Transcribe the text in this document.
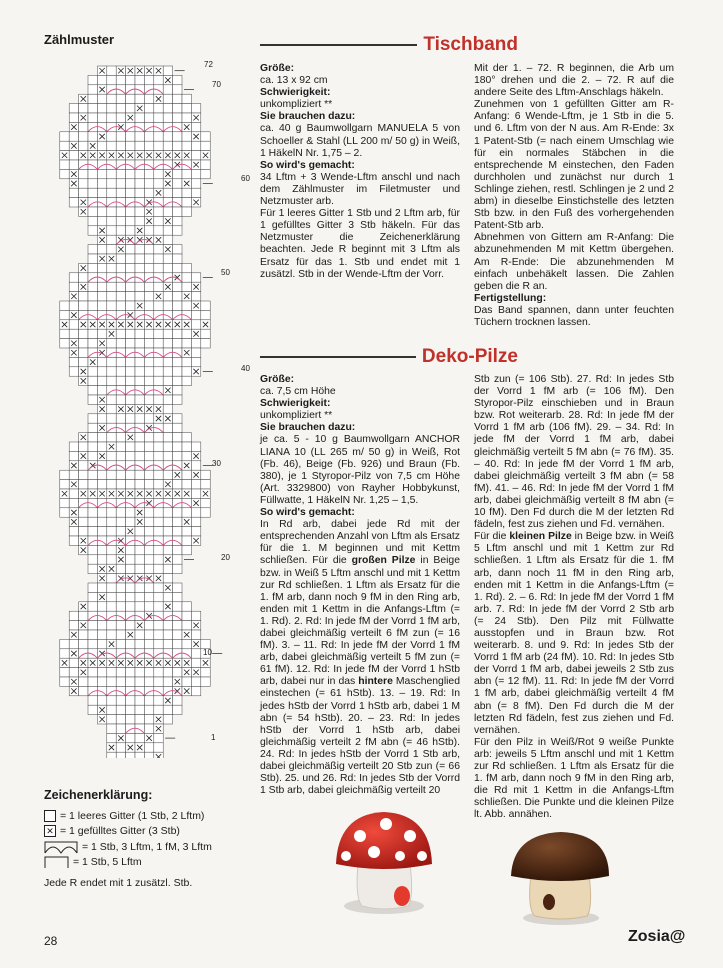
Zählmuster
72
70
60
50
40
30
20
10
1
Zeichenerklärung:
= 1 leeres Gitter (1 Stb, 2 Lftm)
✕ = 1 gefülltes Gitter (3 Stb)
= 1 Stb, 3 Lftm, 1 fM, 3 Lftm
= 1 Stb, 5 Lftm
Jede R endet mit 1 zusätzl. Stb.
28
Tischband

Größe:

ca. 13 x 92 cm

Schwierigkeit:

unkompliziert **

Sie brauchen dazu:

ca. 40 g Baumwollgarn MANUELA 5 von Schoeller & Stahl (LL 200 m/ 50 g) in Weiß, 1 HäkelN Nr. 1,75 – 2.

So wird's gemacht:

34 Lftm + 3 Wende-Lftm anschl und nach dem Zählmuster im Filetmuster und Netzmuster arb.

Für 1 leeres Gitter 1 Stb und 2 Lftm arb, für 1 gefülltes Gitter 3 Stb häkeln. Für das Netzmuster die Zeichenerklärung beachten. Jede R beginnt mit 3 Lftm als Ersatz für das 1. Stb und endet mit 1 zusätzl. Stb in der Wende-Lftm der Vorr.

Mit der 1. – 72. R beginnen, die Arb um 180° drehen und die 2. – 72. R auf die andere Seite des Lftm-Anschlags häkeln.

Zunehmen von 1 gefüllten Gitter am R-Anfang: 6 Wende-Lftm, je 1 Stb in die 5. und 6. Lftm von der N aus. Am R-Ende: 3x 1 Patent-Stb (= nach einem Umschlag wie für ein normales Stäbchen in die entsprechende M einstechen, den Faden durchholen und zunächst nur durch 1 Schlinge ziehen, restl. Schlingen je 2 und 2 abm) in dieselbe Einstichstelle des letzten Stb bzw. in den Fuß des vorhergehenden Patent-Stb arb.

Abnehmen von Gittern am R-Anfang: Die abzunehmenden M mit Kettm übergehen. Am R-Ende: Die abzunehmenden M einfach unbehäkelt lassen. Die Zahlen geben die R an.

Fertigstellung:

Das Band spannen, dann unter feuchten Tüchern trocknen lassen.

Deko-Pilze

Größe:

ca. 7,5 cm Höhe

Schwierigkeit:

unkompliziert **

Sie brauchen dazu:

je ca. 5 - 10 g Baumwollgarn ANCHOR LIANA 10 (LL 265 m/ 50 g) in Weiß, Rot (Fb. 46), Beige (Fb. 926) und Braun (Fb. 380), je 1 Styropor-Pilz von 7,5 cm Höhe (Art. 3329800) von Rayher Hobbykunst, Füllwatte, 1 HäkelN Nr. 1,25 – 1,5.

So wird's gemacht:

In Rd arb, dabei jede Rd mit der entsprechenden Anzahl von Lftm als Ersatz für die 1. M beginnen und mit Kettm schließen. Für die großen Pilze in Beige bzw. in Weiß 5 Lftm anschl und mit 1 Kettm zur Rd schließen. 1 Lftm als Ersatz für die 1. fM arb, dann noch 9 fM in den Ring arb, enden mit 1 Kettm in die Anfangs-Lftm (= 1. Rd). 2. Rd: In jede fM der Vorrd 1 fM arb, dabei gleichmäßig verteilt 6 fM zun (= 16 fM). 3. – 11. Rd: In jede fM der Vorrd 1 fM arb, dabei gleichmäßig verteilt 5 fM zun (= 61 fM). 12. Rd: In jede fM der Vorrd 1 hStb arb, dabei nur in das hintere Maschenglied einstechen (= 61 hStb). 13. – 19. Rd: In jedes hStb der Vorrd 1 hStb arb, dabei 1 M abn (= 54 hStb). 20. – 23. Rd: In jedes hStb der Vorrd 1 hStb arb, dabei gleichmäßig verteilt 2 fM abn (= 46 hStb). 24. Rd: In jedes hStb der Vorrd 1 Stb arb, dabei gleichmäßig verteilt 20 Stb zun (= 66 Stb). 25. und 26. Rd: In jedes Stb der Vorrd 1 Stb arb, dabei gleichmäßig verteilt 20

Stb zun (= 106 Stb). 27. Rd: In jedes Stb der Vorrd 1 fM arb (= 106 fM). Den Styropor-Pilz einschieben und in Braun bzw. Rot weiterarb. 28. Rd: In jede fM der Vorrd 1 fM arb (106 fM). 29. – 34. Rd: In jede fM der Vorrd 1 fM arb, dabei gleichmäßig verteilt 5 fM abn (= 76 fM). 35. – 40. Rd: In jede fM der Vorrd 1 fM arb, dabei gleichmäßig verteilt 3 fM abn (= 58 fM). 41. – 46. Rd: In jede fM der Vorrd 1 fM arb, dabei gleichmäßig verteilt 8 fM abn (= 10 fM). Den Fd durch die M der letzten Rd fädeln, fest zus ziehen und Fd. vernähen.

Für die kleinen Pilze in Beige bzw. in Weiß 5 Lftm anschl und mit 1 Kettm zur Rd schließen. 1 Lftm als Ersatz für die 1. fM arb, dann noch 11 fM in den Ring arb, enden mit 1 Kettm in die Anfangs-Lftm (= 1. Rd). 2. – 6. Rd: In jede fM der Vorrd 1 fM arb. 7. Rd: In jede fM der Vorrd 2 Stb arb (= 24 Stb). Den Pilz mit Füllwatte ausstopfen und in Braun bzw. Rot weiterarb. 8. und 9. Rd: In jedes Stb der Vorrd 1 fM arb (24 fM). 10. Rd: In jedes Stb der Vorrd 1 fM arb, dabei jeweils 2 Stb zus abn (= 12 fM). 11. Rd: In jede fM der Vorrd 1 fM arb, dabei gleichmäßig verteilt 4 fM abn (= 8 fM). Den Fd durch die M der letzten Rd fädeln, fest zus ziehen und Fd. vernähen.

Für den Pilz in Weiß/Rot 9 weiße Punkte arb: jeweils 5 Lftm anschl und mit 1 Kettm zur Rd schließen. 1 Lftm als Ersatz für die 1. fM arb, dann noch 9 fM in den Ring arb, die Rd mit 1 Kettm in die Anfangs-Lftm schließen. Die Punkte und die kleinen Pilze lt. Abb. annähen.

Zosia@
